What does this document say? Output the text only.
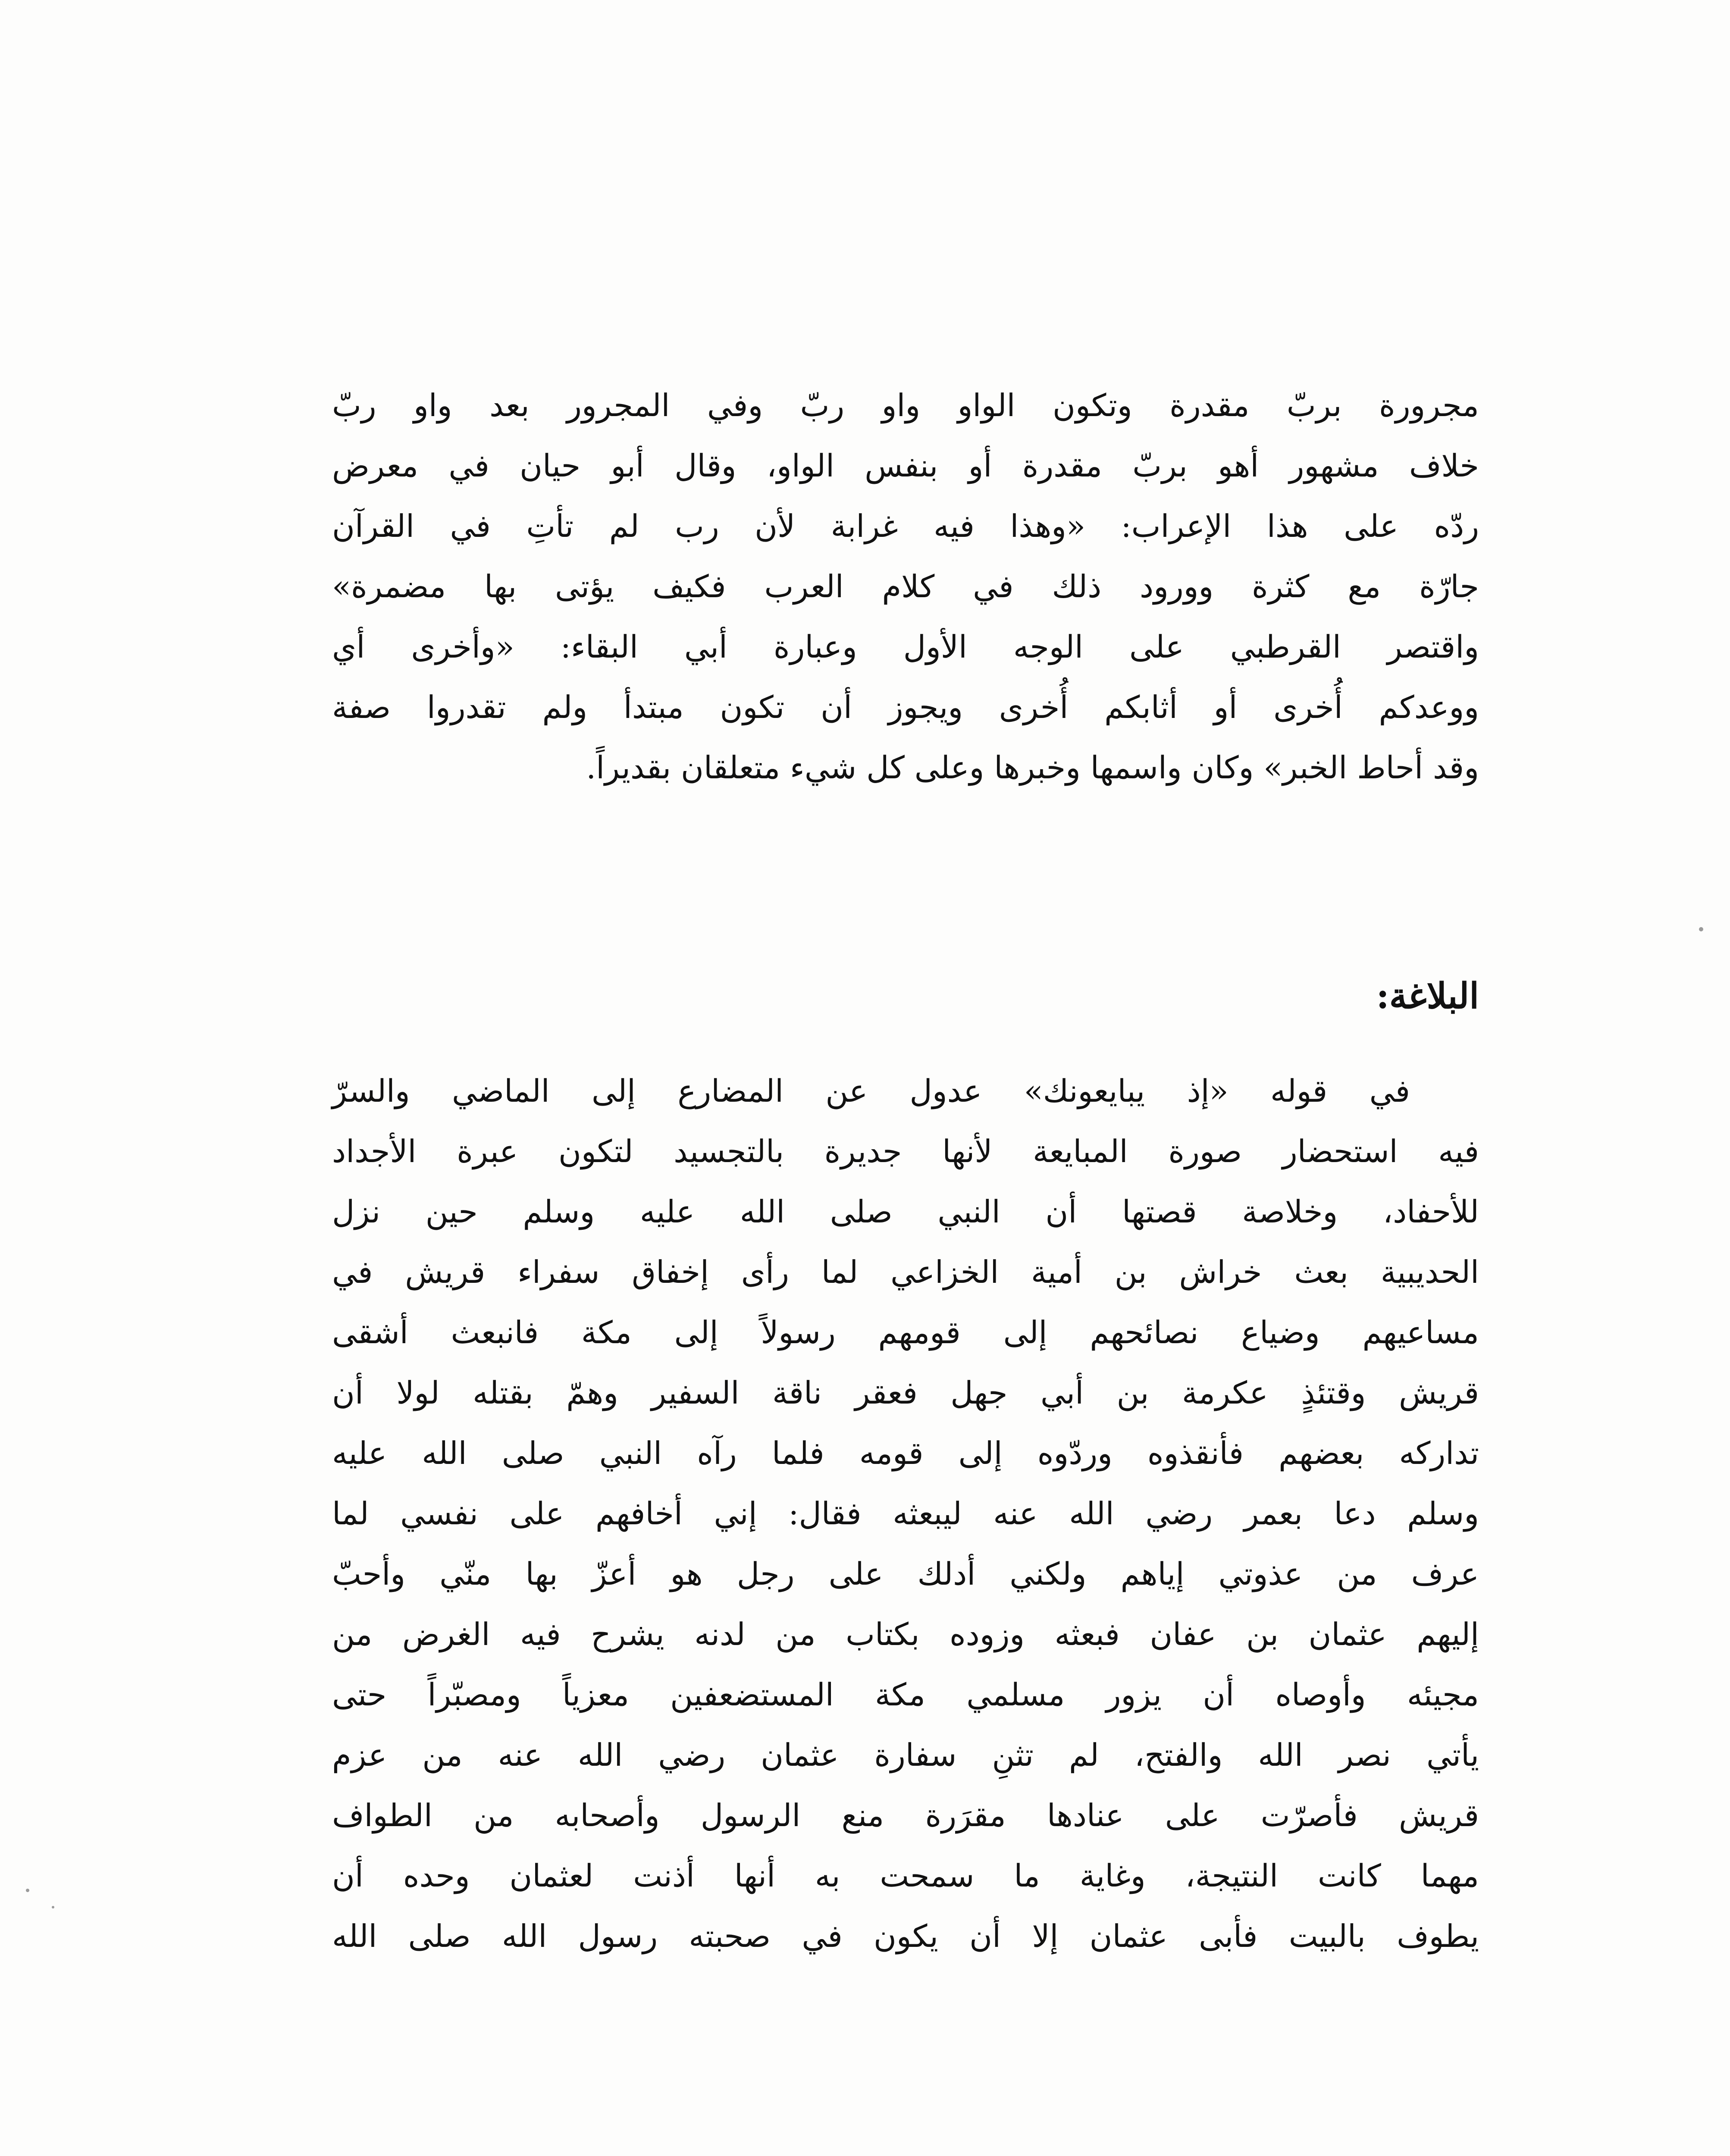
مجرورة بربّ مقدرة وتكون الواو واو ربّ وفي المجرور بعد واو ربّ
خلاف مشهور أهو بربّ مقدرة أو بنفس الواو، وقال أبو حيان في معرض
ردّه على هذا الإعراب: «وهذا فيه غرابة لأن رب لم تأتِ في القرآن
جارّة مع كثرة وورود ذلك في كلام العرب فكيف يؤتى بها مضمرة»
واقتصر القرطبي على الوجه الأول وعبارة أبي البقاء: «وأخرى أي
ووعدكم أُخرى أو أثابكم أُخرى ويجوز أن تكون مبتدأ ولم تقدروا صفة
وقد أحاط الخبر» وكان واسمها وخبرها وعلى كل شيء متعلقان بقديراً.
البلاغة:
في قوله «إذ يبايعونك» عدول عن المضارع إلى الماضي والسرّ
فيه استحضار صورة المبايعة لأنها جديرة بالتجسيد لتكون عبرة الأجداد
للأحفاد، وخلاصة قصتها أن النبي صلى الله عليه وسلم حين نزل
الحديبية بعث خراش بن أمية الخزاعي لما رأى إخفاق سفراء قريش في
مساعيهم وضياع نصائحهم إلى قومهم رسولاً إلى مكة فانبعث أشقى
قريش وقتئذٍ عكرمة بن أبي جهل فعقر ناقة السفير وهمّ بقتله لولا أن
تداركه بعضهم فأنقذوه وردّوه إلى قومه فلما رآه النبي صلى الله عليه
وسلم دعا بعمر رضي الله عنه ليبعثه فقال: إني أخافهم على نفسي لما
عرف من عذوتي إياهم ولكني أدلك على رجل هو أعزّ بها منّي وأحبّ
إليهم عثمان بن عفان فبعثه وزوده بكتاب من لدنه يشرح فيه الغرض من
مجيئه وأوصاه أن يزور مسلمي مكة المستضعفين معزياً ومصبّراً حتى
يأتي نصر الله والفتح، لم تثنِ سفارة عثمان رضي الله عنه من عزم
قريش فأصرّت على عنادها مقرَرة منع الرسول وأصحابه من الطواف
مهما كانت النتيجة، وغاية ما سمحت به أنها أذنت لعثمان وحده أن
يطوف بالبيت فأبى عثمان إلا أن يكون في صحبته رسول الله صلى الله
